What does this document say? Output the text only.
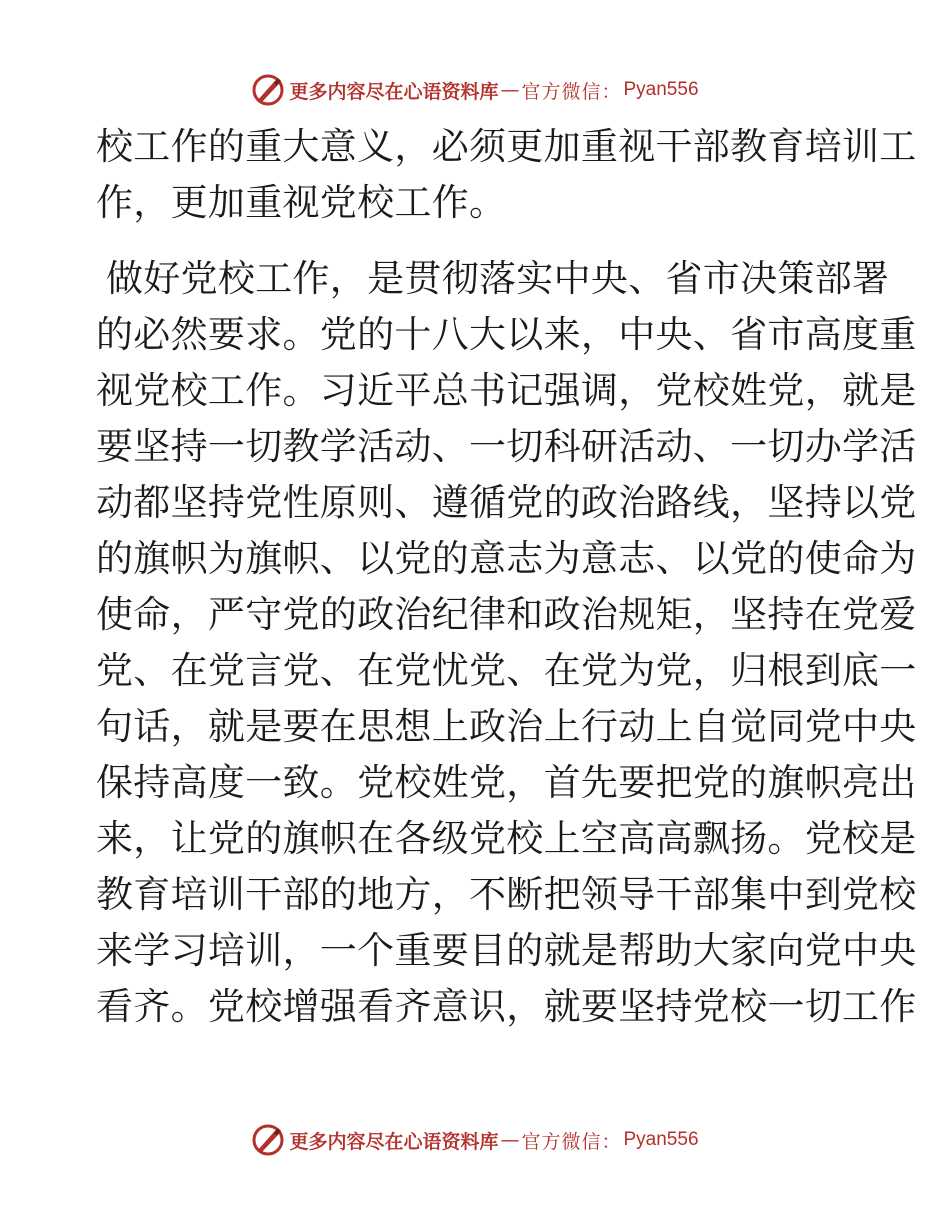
更多内容尽在心语资料库 — 官方微信： Pyan556
校工作的重大意义，必须更加重视干部教育培训工
作，更加重视党校工作。
做好党校工作，是贯彻落实中央、省市决策部署
的必然要求。党的十八大以来，中央、省市高度重
视党校工作。习近平总书记强调，党校姓党，就是
要坚持一切教学活动、一切科研活动、一切办学活
动都坚持党性原则、遵循党的政治路线，坚持以党
的旗帜为旗帜、以党的意志为意志、以党的使命为
使命，严守党的政治纪律和政治规矩，坚持在党爱
党、在党言党、在党忧党、在党为党，归根到底一
句话，就是要在思想上政治上行动上自觉同党中央
保持高度一致。党校姓党，首先要把党的旗帜亮出
来，让党的旗帜在各级党校上空高高飘扬。党校是
教育培训干部的地方，不断把领导干部集中到党校
来学习培训，一个重要目的就是帮助大家向党中央
看齐。党校增强看齐意识，就要坚持党校一切工作
更多内容尽在心语资料库 — 官方微信： Pyan556
